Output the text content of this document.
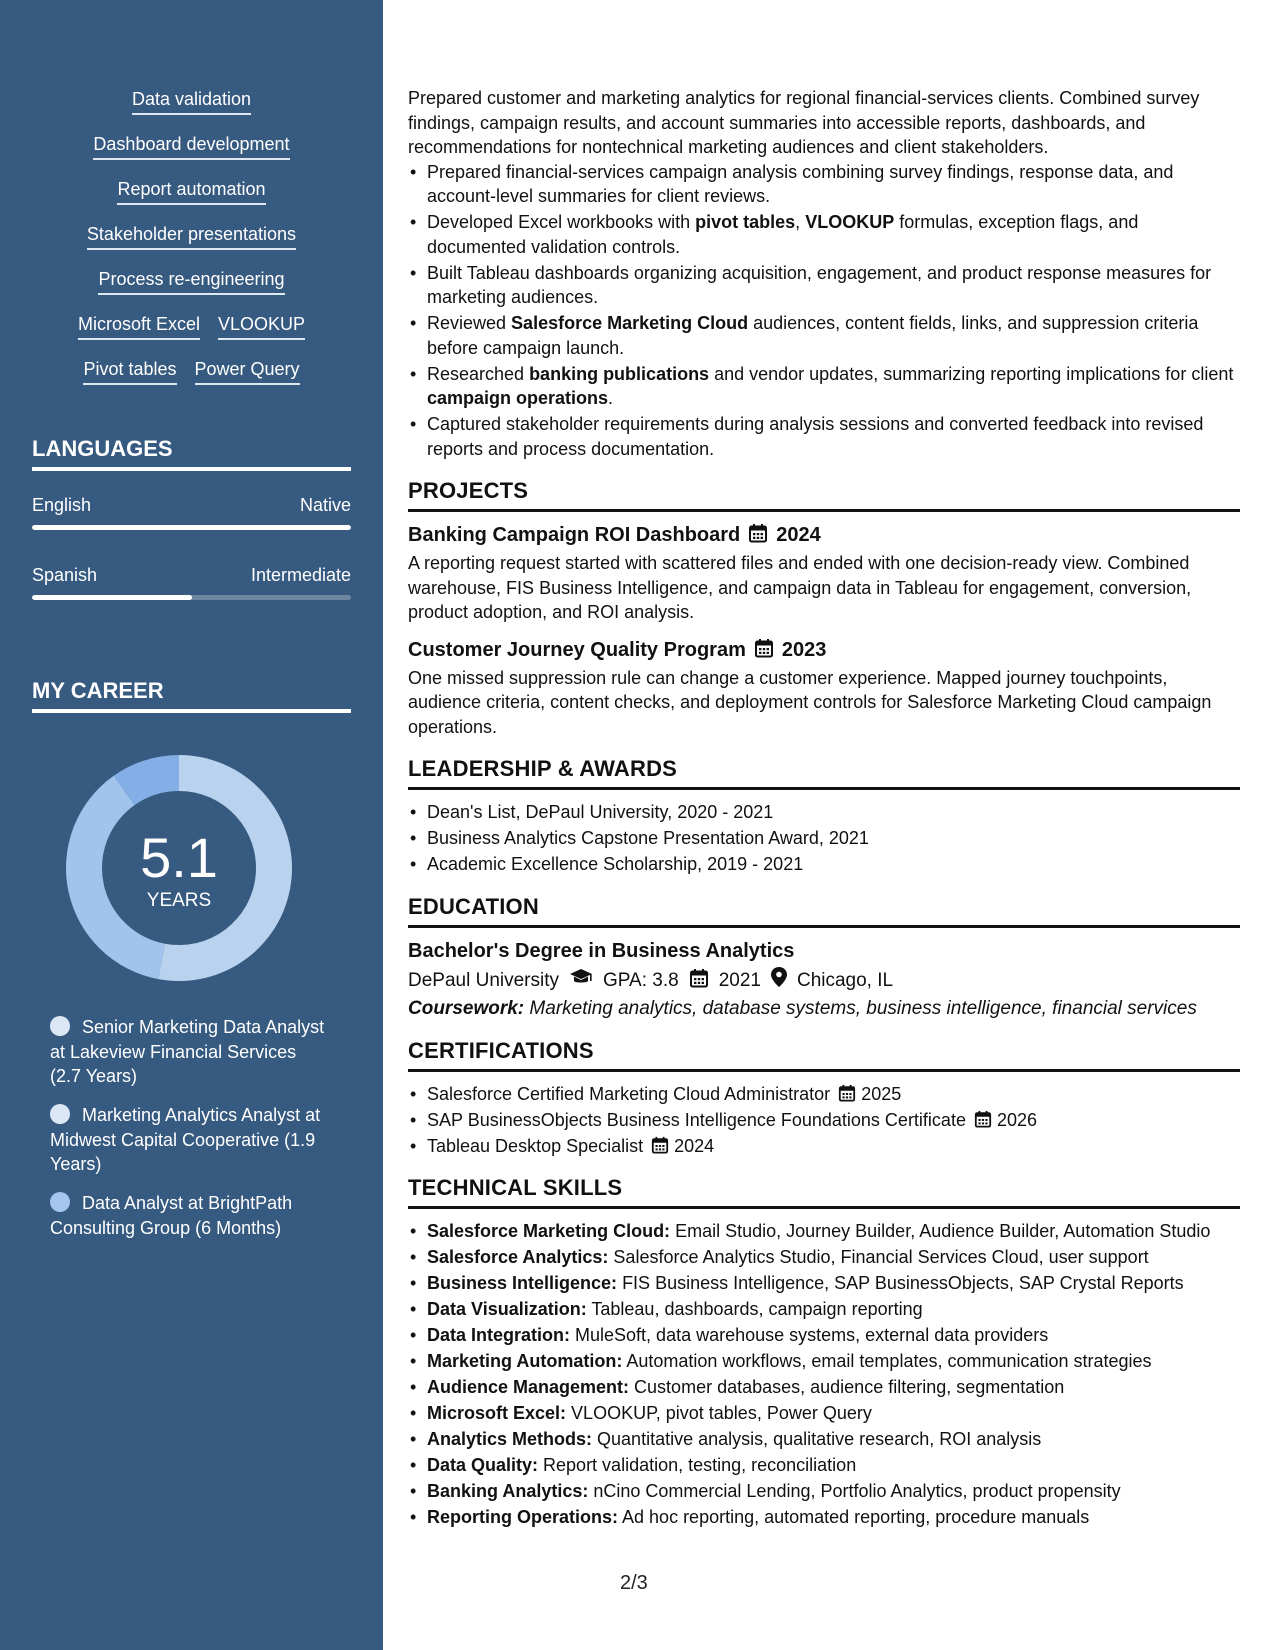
Data validation
Dashboard development
Report automation
Stakeholder presentations
Process re-engineering
Microsoft Excel VLOOKUP
Pivot tables Power Query
LANGUAGES
English	Native
Spanish	Intermediate
MY CAREER
5.1
YEARS
Senior Marketing Data Analyst at Lakeview Financial Services (2.7 Years)
Marketing Analytics Analyst at Midwest Capital Cooperative (1.9 Years)
Data Analyst at BrightPath Consulting Group (6 Months)

Prepared customer and marketing analytics for regional financial-services clients. Combined survey findings, campaign results, and account summaries into accessible reports, dashboards, and recommendations for nontechnical marketing audiences and client stakeholders.

• Prepared financial-services campaign analysis combining survey findings, response data, and account-level summaries for client reviews.
• Developed Excel workbooks with pivot tables, VLOOKUP formulas, exception flags, and documented validation controls.
• Built Tableau dashboards organizing acquisition, engagement, and product response measures for marketing audiences.
• Reviewed Salesforce Marketing Cloud audiences, content fields, links, and suppression criteria before campaign launch.
• Researched banking publications and vendor updates, summarizing reporting implications for client campaign operations.
• Captured stakeholder requirements during analysis sessions and converted feedback into revised reports and process documentation.
PROJECTS
Banking Campaign ROI Dashboard 2024

A reporting request started with scattered files and ended with one decision-ready view. Combined warehouse, FIS Business Intelligence, and campaign data in Tableau for engagement, conversion, product adoption, and ROI analysis.

Customer Journey Quality Program 2023

One missed suppression rule can change a customer experience. Mapped journey touchpoints, audience criteria, content checks, and deployment controls for Salesforce Marketing Cloud campaign operations.

LEADERSHIP & AWARDS
• Dean's List, DePaul University, 2020 - 2021
• Business Analytics Capstone Presentation Award, 2021
• Academic Excellence Scholarship, 2019 - 2021
EDUCATION
Bachelor's Degree in Business Analytics
DePaul University GPA: 3.8 2021 Chicago, IL

Coursework: Marketing analytics, database systems, business intelligence, financial services

CERTIFICATIONS
• Salesforce Certified Marketing Cloud Administrator 2025
• SAP BusinessObjects Business Intelligence Foundations Certificate 2026
• Tableau Desktop Specialist 2024
TECHNICAL SKILLS
• Salesforce Marketing Cloud: Email Studio, Journey Builder, Audience Builder, Automation Studio
• Salesforce Analytics: Salesforce Analytics Studio, Financial Services Cloud, user support
• Business Intelligence: FIS Business Intelligence, SAP BusinessObjects, SAP Crystal Reports
• Data Visualization: Tableau, dashboards, campaign reporting
• Data Integration: MuleSoft, data warehouse systems, external data providers
• Marketing Automation: Automation workflows, email templates, communication strategies
• Audience Management: Customer databases, audience filtering, segmentation
• Microsoft Excel: VLOOKUP, pivot tables, Power Query
• Analytics Methods: Quantitative analysis, qualitative research, ROI analysis
• Data Quality: Report validation, testing, reconciliation
• Banking Analytics: nCino Commercial Lending, Portfolio Analytics, product propensity
• Reporting Operations: Ad hoc reporting, automated reporting, procedure manuals
2/3
